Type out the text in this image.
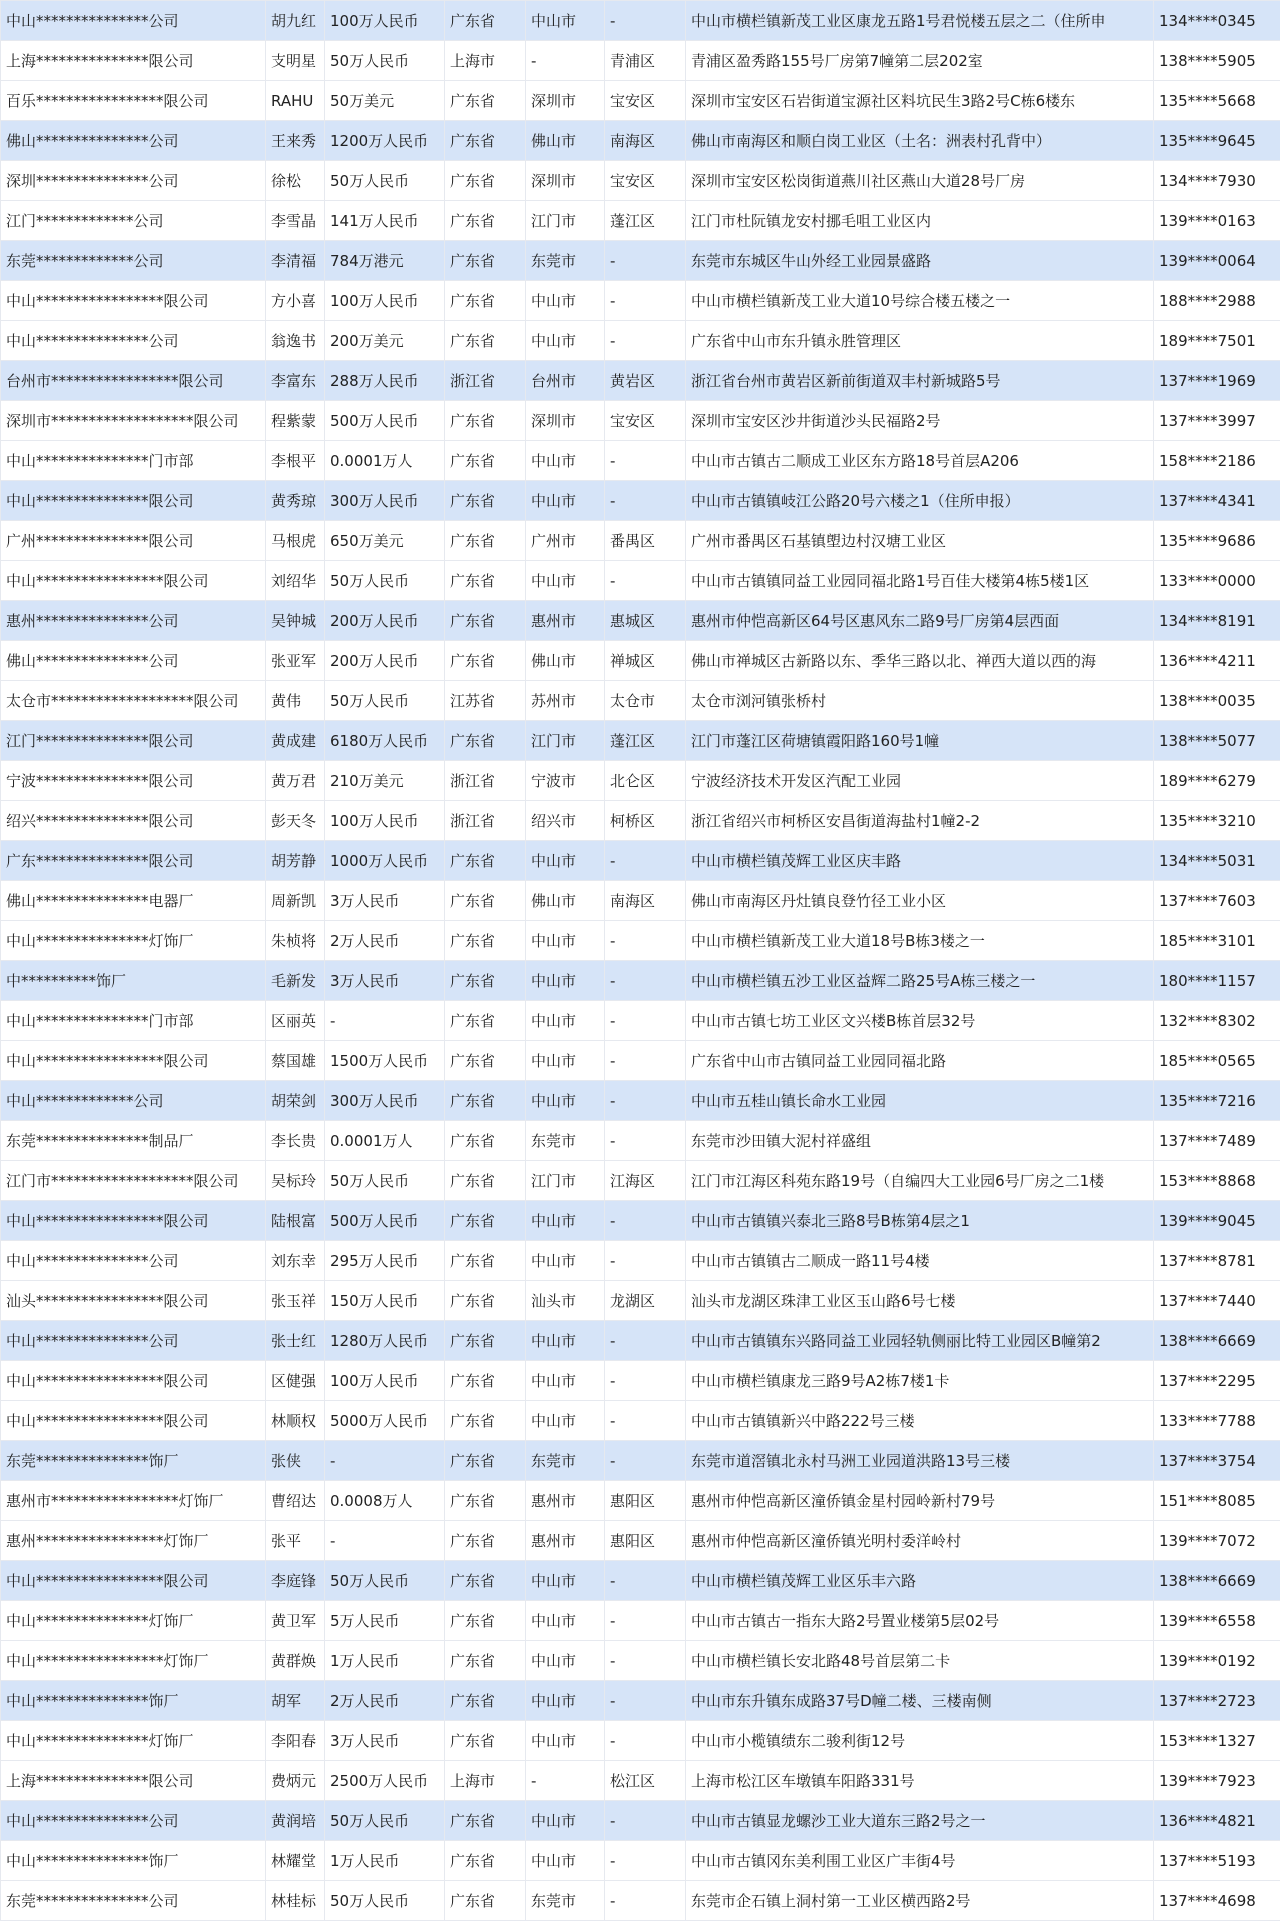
中山***************公司	胡九红	100万人民币	广东省	中山市	-	中山市横栏镇新茂工业区康龙五路1号君悦楼五层之二（住所申	134****0345
上海***************限公司	支明星	50万人民币	上海市	-	青浦区	青浦区盈秀路155号厂房第7幢第二层202室	138****5905
百乐*****************限公司	RAHU	50万美元	广东省	深圳市	宝安区	深圳市宝安区石岩街道宝源社区料坑民生3路2号C栋6楼东	135****5668
佛山***************公司	王来秀	1200万人民币	广东省	佛山市	南海区	佛山市南海区和顺白岗工业区（土名：洲表村孔背中）	135****9645
深圳***************公司	徐松	50万人民币	广东省	深圳市	宝安区	深圳市宝安区松岗街道燕川社区燕山大道28号厂房	134****7930
江门*************公司	李雪晶	141万人民币	广东省	江门市	蓬江区	江门市杜阮镇龙安村挪毛咀工业区内	139****0163
东莞*************公司	李清福	784万港元	广东省	东莞市	-	东莞市东城区牛山外经工业园景盛路	139****0064
中山*****************限公司	方小喜	100万人民币	广东省	中山市	-	中山市横栏镇新茂工业大道10号综合楼五楼之一	188****2988
中山***************公司	翁逸书	200万美元	广东省	中山市	-	广东省中山市东升镇永胜管理区	189****7501
台州市*****************限公司	李富东	288万人民币	浙江省	台州市	黄岩区	浙江省台州市黄岩区新前街道双丰村新城路5号	137****1969
深圳市*******************限公司	程紫蒙	500万人民币	广东省	深圳市	宝安区	深圳市宝安区沙井街道沙头民福路2号	137****3997
中山***************门市部	李根平	0.0001万人	广东省	中山市	-	中山市古镇古二顺成工业区东方路18号首层A206	158****2186
中山***************限公司	黄秀琼	300万人民币	广东省	中山市	-	中山市古镇镇岐江公路20号六楼之1（住所申报）	137****4341
广州***************限公司	马根虎	650万美元	广东省	广州市	番禺区	广州市番禺区石基镇塱边村汉塘工业区	135****9686
中山*****************限公司	刘绍华	50万人民币	广东省	中山市	-	中山市古镇镇同益工业园同福北路1号百佳大楼第4栋5楼1区	133****0000
惠州***************公司	吴钟城	200万人民币	广东省	惠州市	惠城区	惠州市仲恺高新区64号区惠风东二路9号厂房第4层西面	134****8191
佛山***************公司	张亚军	200万人民币	广东省	佛山市	禅城区	佛山市禅城区古新路以东、季华三路以北、禅西大道以西的海	136****4211
太仓市*******************限公司	黄伟	50万人民币	江苏省	苏州市	太仓市	太仓市浏河镇张桥村	138****0035
江门***************限公司	黄成建	6180万人民币	广东省	江门市	蓬江区	江门市蓬江区荷塘镇霞阳路160号1幢	138****5077
宁波***************限公司	黄万君	210万美元	浙江省	宁波市	北仑区	宁波经济技术开发区汽配工业园	189****6279
绍兴***************限公司	彭天冬	100万人民币	浙江省	绍兴市	柯桥区	浙江省绍兴市柯桥区安昌街道海盐村1幢2-2	135****3210
广东***************限公司	胡芳静	1000万人民币	广东省	中山市	-	中山市横栏镇茂辉工业区庆丰路	134****5031
佛山***************电器厂	周新凯	3万人民币	广东省	佛山市	南海区	佛山市南海区丹灶镇良登竹径工业小区	137****7603
中山***************灯饰厂	朱桢将	2万人民币	广东省	中山市	-	中山市横栏镇新茂工业大道18号B栋3楼之一	185****3101
中**********饰厂	毛新发	3万人民币	广东省	中山市	-	中山市横栏镇五沙工业区益辉二路25号A栋三楼之一	180****1157
中山***************门市部	区丽英	-	广东省	中山市	-	中山市古镇七坊工业区文兴楼B栋首层32号	132****8302
中山*****************限公司	蔡国雄	1500万人民币	广东省	中山市	-	广东省中山市古镇同益工业园同福北路	185****0565
中山*************公司	胡荣剑	300万人民币	广东省	中山市	-	中山市五桂山镇长命水工业园	135****7216
东莞***************制品厂	李长贵	0.0001万人	广东省	东莞市	-	东莞市沙田镇大泥村祥盛组	137****7489
江门市*******************限公司	吴标玲	50万人民币	广东省	江门市	江海区	江门市江海区科苑东路19号（自编四大工业园6号厂房之二1楼	153****8868
中山*****************限公司	陆根富	500万人民币	广东省	中山市	-	中山市古镇镇兴泰北三路8号B栋第4层之1	139****9045
中山***************公司	刘东幸	295万人民币	广东省	中山市	-	中山市古镇镇古二顺成一路11号4楼	137****8781
汕头*****************限公司	张玉祥	150万人民币	广东省	汕头市	龙湖区	汕头市龙湖区珠津工业区玉山路6号七楼	137****7440
中山***************公司	张士红	1280万人民币	广东省	中山市	-	中山市古镇镇东兴路同益工业园轻轨侧丽比特工业园区B幢第2	138****6669
中山*****************限公司	区健强	100万人民币	广东省	中山市	-	中山市横栏镇康龙三路9号A2栋7楼1卡	137****2295
中山*****************限公司	林顺权	5000万人民币	广东省	中山市	-	中山市古镇镇新兴中路222号三楼	133****7788
东莞***************饰厂	张侠	-	广东省	东莞市	-	东莞市道滘镇北永村马洲工业园道洪路13号三楼	137****3754
惠州市*****************灯饰厂	曹绍达	0.0008万人	广东省	惠州市	惠阳区	惠州市仲恺高新区潼侨镇金星村园岭新村79号	151****8085
惠州*****************灯饰厂	张平	-	广东省	惠州市	惠阳区	惠州市仲恺高新区潼侨镇光明村委洋岭村	139****7072
中山*****************限公司	李庭锋	50万人民币	广东省	中山市	-	中山市横栏镇茂辉工业区乐丰六路	138****6669
中山***************灯饰厂	黄卫军	5万人民币	广东省	中山市	-	中山市古镇古一指东大路2号置业楼第5层02号	139****6558
中山*****************灯饰厂	黄群焕	1万人民币	广东省	中山市	-	中山市横栏镇长安北路48号首层第二卡	139****0192
中山***************饰厂	胡军	2万人民币	广东省	中山市	-	中山市东升镇东成路37号D幢二楼、三楼南侧	137****2723
中山***************灯饰厂	李阳春	3万人民币	广东省	中山市	-	中山市小榄镇绩东二骏利街12号	153****1327
上海***************限公司	费炳元	2500万人民币	上海市	-	松江区	上海市松江区车墩镇车阳路331号	139****7923
中山***************公司	黄润培	50万人民币	广东省	中山市	-	中山市古镇显龙螺沙工业大道东三路2号之一	136****4821
中山***************饰厂	林耀堂	1万人民币	广东省	中山市	-	中山市古镇冈东美利围工业区广丰街4号	137****5193
东莞***************公司	林桂标	50万人民币	广东省	东莞市	-	东莞市企石镇上洞村第一工业区横西路2号	137****4698
